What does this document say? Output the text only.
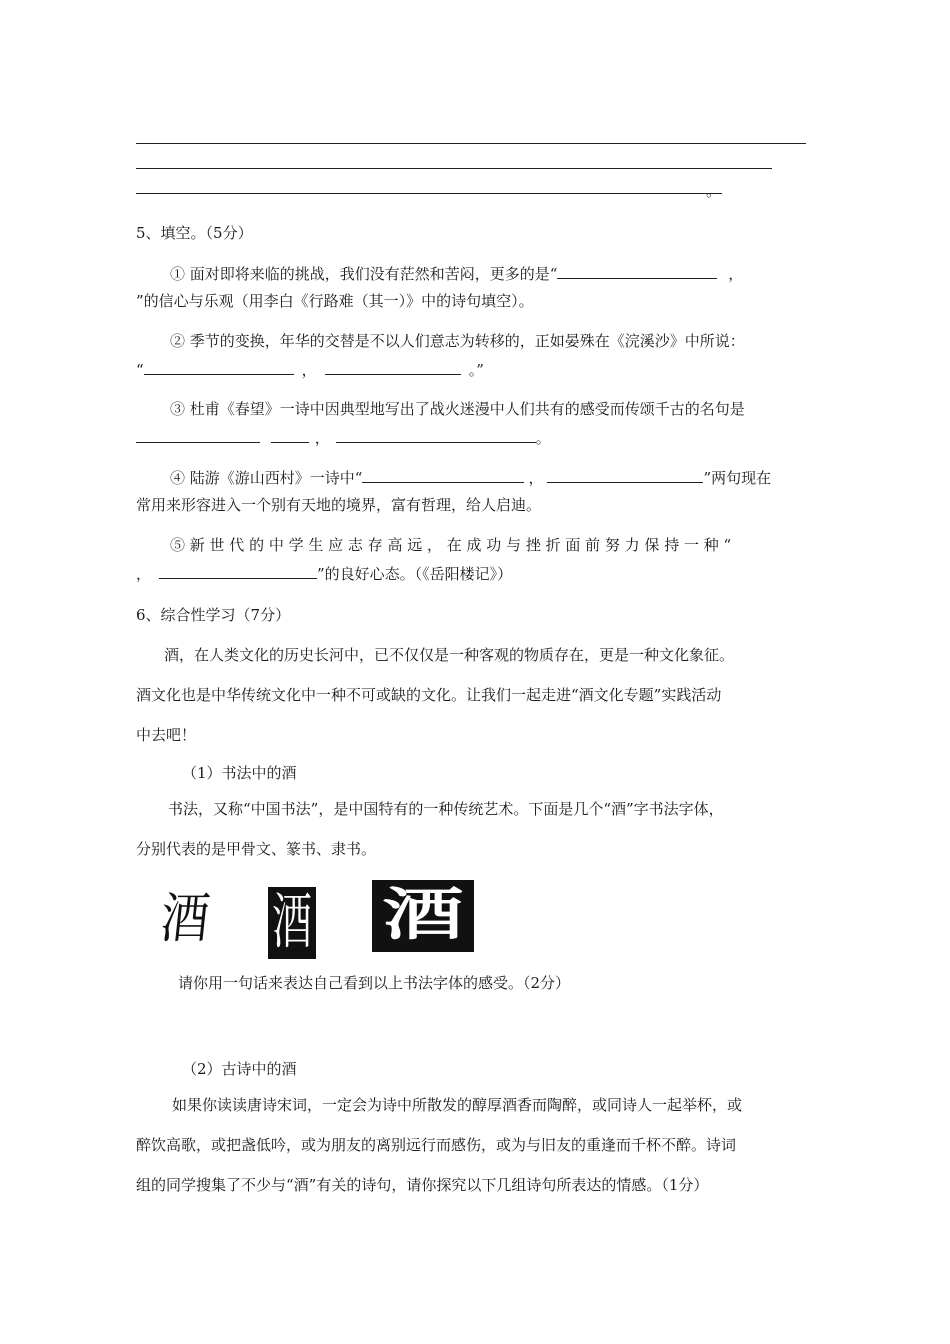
。
5、填空。（5分）
① 面对即将来临的挑战，我们没有茫然和苦闷，更多的是“	，
”的信心与乐观（用李白《行路难（其一）》中的诗句填空）。
② 季节的变换，年华的交替是不以人们意志为转移的，正如晏殊在《浣溪沙》中所说：
“	，	。”
③ 杜甫《春望》一诗中因典型地写出了战火迷漫中人们共有的感受而传颂千古的名句是
，	。
④ 陆游《游山西村》一诗中“	，	”两句现在
常用来形容进入一个别有天地的境界，富有哲理，给人启迪。
⑤ 新 世 代 的 中 学 生 应 志 存 高 远 ， 在 成 功 与 挫 折 面 前 努 力 保 持 一 种 “
，	”的良好心态。（《岳阳楼记》）
6、综合性学习（7分）
酒，在人类文化的历史长河中，已不仅仅是一种客观的物质存在，更是一种文化象征。
酒文化也是中华传统文化中一种不可或缺的文化。让我们一起走进“酒文化专题”实践活动
中去吧！
（1）书法中的酒
书法，又称“中国书法”，是中国特有的一种传统艺术。下面是几个“酒”字书法字体，
分别代表的是甲骨文、篆书、隶书。
酒 酒 酒
请你用一句话来表达自己看到以上书法字体的感受。（2分）
（2）古诗中的酒
如果你读读唐诗宋词，一定会为诗中所散发的醇厚酒香而陶醉，或同诗人一起举杯，或
醉饮高歌，或把盏低吟，或为朋友的离别远行而感伤，或为与旧友的重逢而千杯不醉。诗词
组的同学搜集了不少与“酒”有关的诗句，请你探究以下几组诗句所表达的情感。（1分）
